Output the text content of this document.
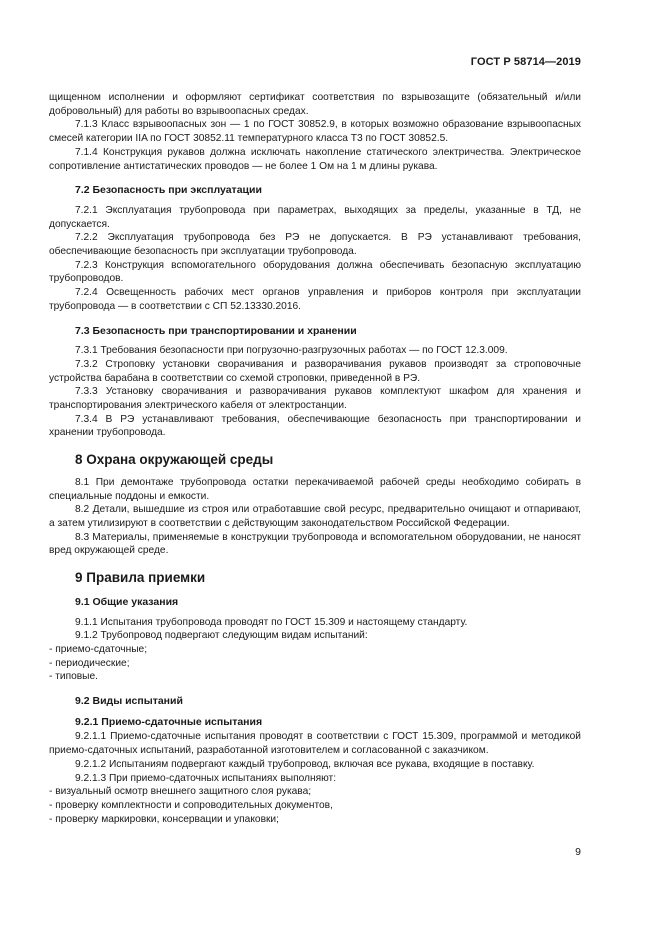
ГОСТ Р 58714—2019
щищенном исполнении и оформляют сертификат соответствия по взрывозащите (обязательный и/или добровольный) для работы во взрывоопасных средах.
7.1.3 Класс взрывоопасных зон — 1 по ГОСТ 30852.9, в которых возможно образование взрывоопасных смесей категории IIA по ГОСТ 30852.11 температурного класса Т3 по ГОСТ 30852.5.
7.1.4 Конструкция рукавов должна исключать накопление статического электричества. Электрическое сопротивление антистатических проводов — не более 1 Ом на 1 м длины рукава.
7.2 Безопасность при эксплуатации
7.2.1 Эксплуатация трубопровода при параметрах, выходящих за пределы, указанные в ТД, не допускается.
7.2.2 Эксплуатация трубопровода без РЭ не допускается. В РЭ устанавливают требования, обеспечивающие безопасность при эксплуатации трубопровода.
7.2.3 Конструкция вспомогательного оборудования должна обеспечивать безопасную эксплуатацию трубопроводов.
7.2.4 Освещенность рабочих мест органов управления и приборов контроля при эксплуатации трубопровода — в соответствии с СП 52.13330.2016.
7.3 Безопасность при транспортировании и хранении
7.3.1 Требования безопасности при погрузочно-разгрузочных работах — по ГОСТ 12.3.009.
7.3.2 Строповку установки сворачивания и разворачивания рукавов производят за строповочные устройства барабана в соответствии со схемой строповки, приведенной в РЭ.
7.3.3 Установку сворачивания и разворачивания рукавов комплектуют шкафом для хранения и транспортирования электрического кабеля от электростанции.
7.3.4 В РЭ устанавливают требования, обеспечивающие безопасность при транспортировании и хранении трубопровода.
8 Охрана окружающей среды
8.1 При демонтаже трубопровода остатки перекачиваемой рабочей среды необходимо собирать в специальные поддоны и емкости.
8.2 Детали, вышедшие из строя или отработавшие свой ресурс, предварительно очищают и отпаривают, а затем утилизируют в соответствии с действующим законодательством Российской Федерации.
8.3 Материалы, применяемые в конструкции трубопровода и вспомогательном оборудовании, не наносят вред окружающей среде.
9 Правила приемки
9.1 Общие указания
9.1.1 Испытания трубопровода проводят по ГОСТ 15.309 и настоящему стандарту.
9.1.2 Трубопровод подвергают следующим видам испытаний:
- приемо-сдаточные;
- периодические;
- типовые.
9.2 Виды испытаний
9.2.1 Приемо-сдаточные испытания
9.2.1.1 Приемо-сдаточные испытания проводят в соответствии с ГОСТ 15.309, программой и методикой приемо-сдаточных испытаний, разработанной изготовителем и согласованной с заказчиком.
9.2.1.2 Испытаниям подвергают каждый трубопровод, включая все рукава, входящие в поставку.
9.2.1.3 При приемо-сдаточных испытаниях выполняют:
- визуальный осмотр внешнего защитного слоя рукава;
- проверку комплектности и сопроводительных документов,
- проверку маркировки, консервации и упаковки;
9
